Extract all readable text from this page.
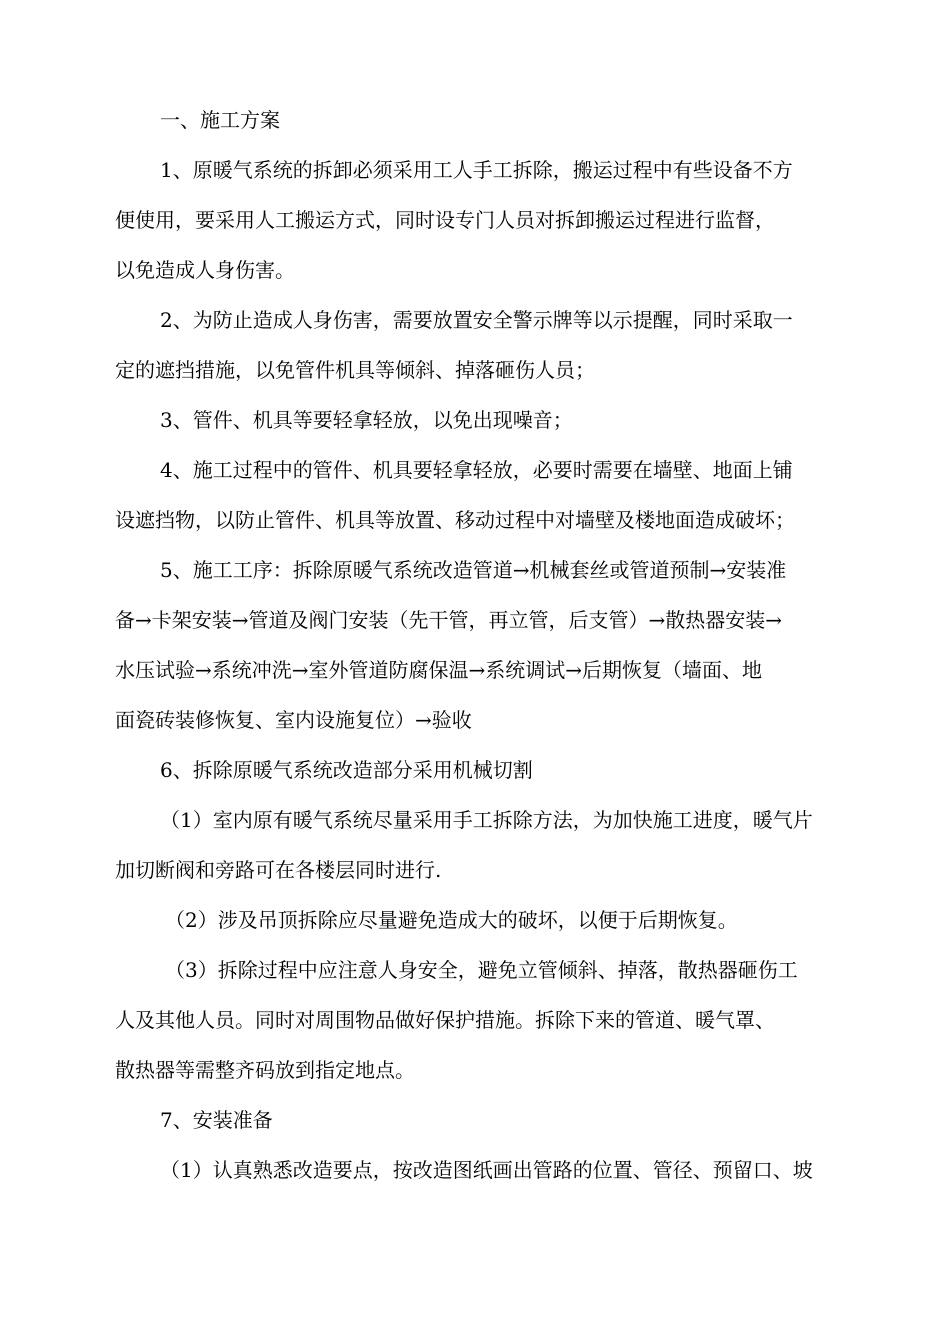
一、施工方案
1、原暖气系统的拆卸必须采用工人手工拆除，搬运过程中有些设备不方
便使用，要采用人工搬运方式，同时设专门人员对拆卸搬运过程进行监督，
以免造成人身伤害。
2、为防止造成人身伤害，需要放置安全警示牌等以示提醒，同时采取一
定的遮挡措施，以免管件机具等倾斜、掉落砸伤人员；
3、管件、机具等要轻拿轻放，以免出现噪音；
4、施工过程中的管件、机具要轻拿轻放，必要时需要在墙壁、地面上铺
设遮挡物，以防止管件、机具等放置、移动过程中对墙壁及楼地面造成破坏；
5、施工工序：拆除原暖气系统改造管道→机械套丝或管道预制→安装准
备→卡架安装→管道及阀门安装（先干管，再立管，后支管）→散热器安装→
水压试验→系统冲洗→室外管道防腐保温→系统调试→后期恢复（墙面、地
面瓷砖装修恢复、室内设施复位）→验收
6、拆除原暖气系统改造部分采用机械切割
（1）室内原有暖气系统尽量采用手工拆除方法，为加快施工进度，暖气片
加切断阀和旁路可在各楼层同时进行.
（2）涉及吊顶拆除应尽量避免造成大的破坏，以便于后期恢复。
（3）拆除过程中应注意人身安全，避免立管倾斜、掉落，散热器砸伤工
人及其他人员。同时对周围物品做好保护措施。拆除下来的管道、暖气罩、
散热器等需整齐码放到指定地点。
7、安装准备
（1）认真熟悉改造要点，按改造图纸画出管路的位置、管径、预留口、坡
